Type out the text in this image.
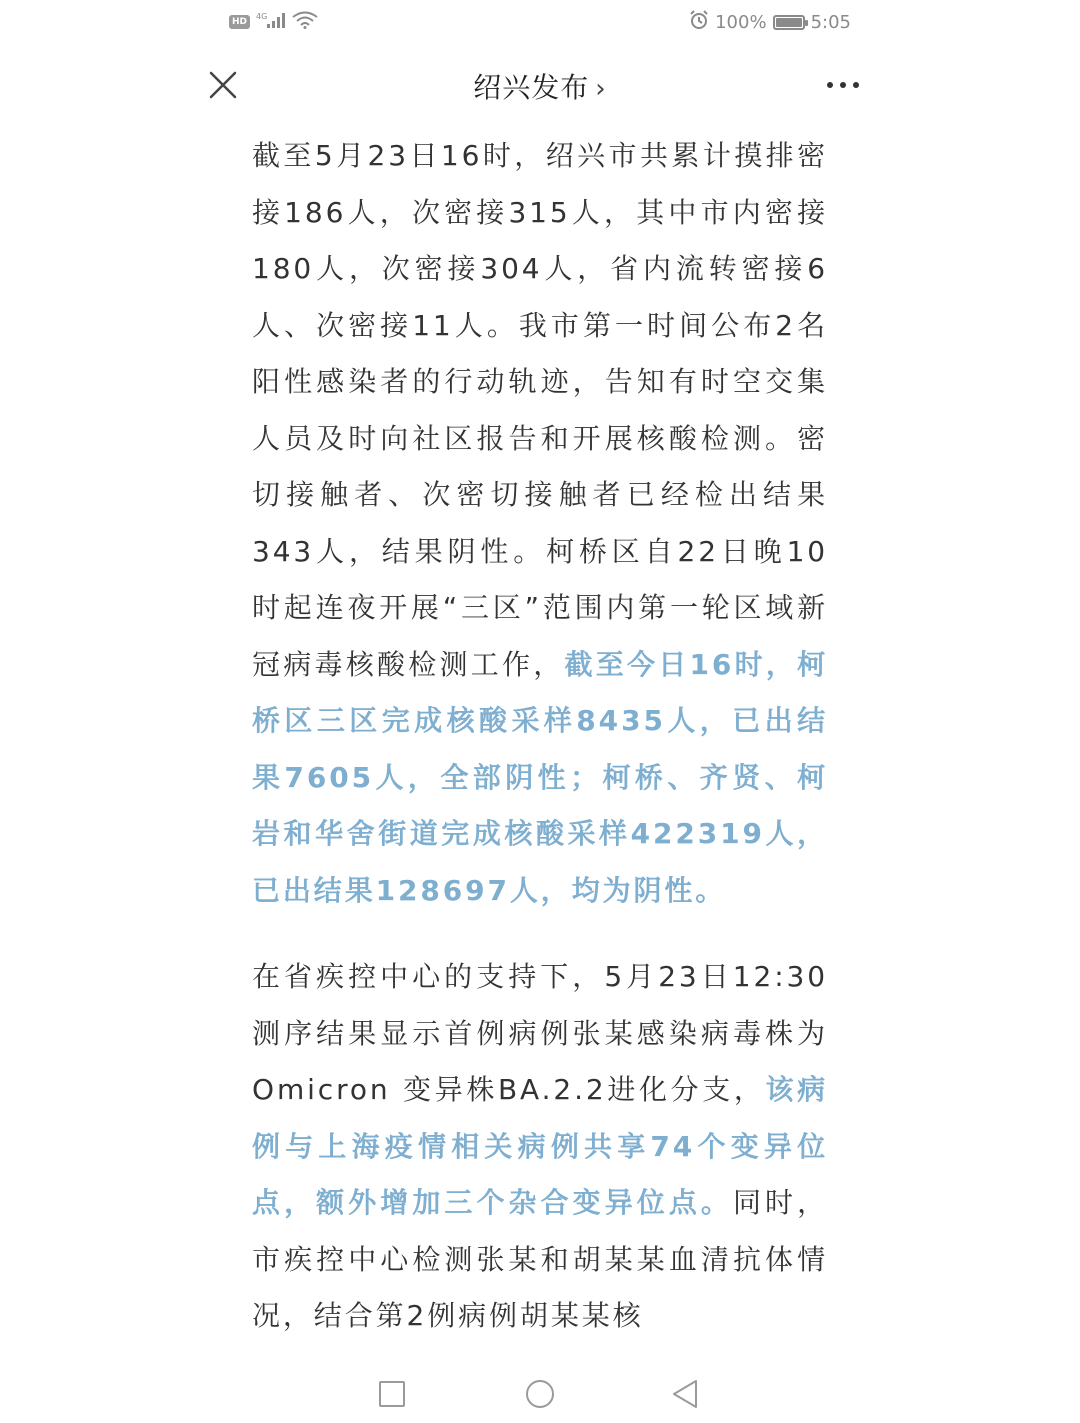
HD
4G	100% 5:05
绍兴发布 ›

截至5月23日16时，绍兴市共累计摸排密接186人，次密接315人，其中市内密接180人，次密接304人，省内流转密接6人、次密接11人。我市第一时间公布2名阳性感染者的行动轨迹，告知有时空交集人员及时向社区报告和开展核酸检测。密切接触者、次密切接触者已经检出结果343人，结果阴性。柯桥区自22日晚10时起连夜开展“三区”范围内第一轮区域新冠病毒核酸检测工作，截至今日16时，柯桥区三区完成核酸采样8435人，已出结果7605人，全部阴性；柯桥、齐贤、柯岩和华舍街道完成核酸采样422319人，已出结果128697人，均为阴性。

在省疾控中心的支持下，5月23日12:30测序结果显示首例病例张某感染病毒株为Omicron 变异株BA.2.2进化分支，该病例与上海疫情相关病例共享74个变异位点，额外增加三个杂合变异位点。同时，市疾控中心检测张某和胡某某血清抗体情况，结合第2例病例胡某某核
